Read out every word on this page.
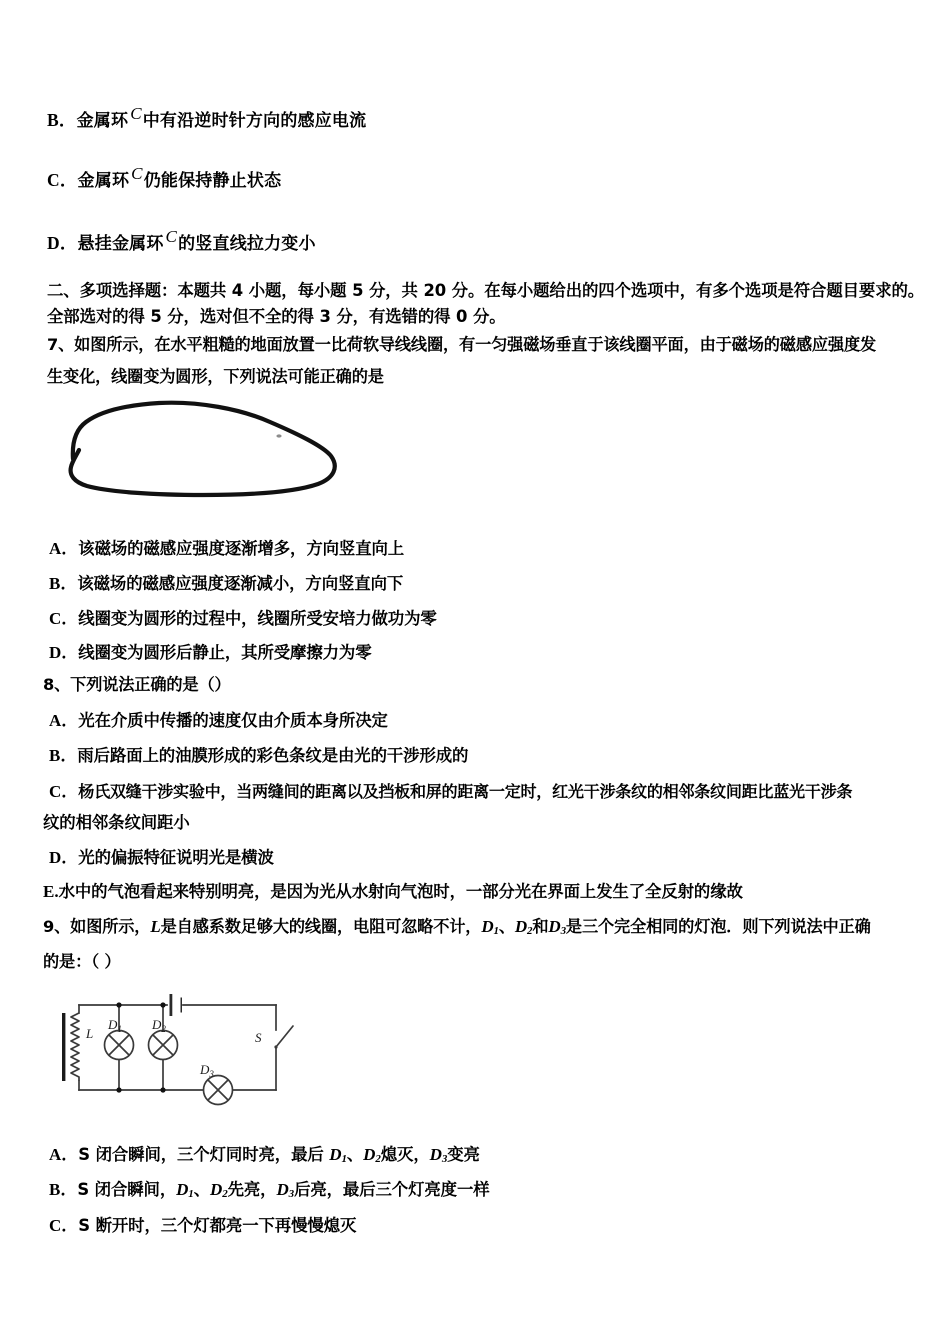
B．金属环 C中有沿逆时针方向的感应电流
C．金属环 C仍能保持静止状态
D．悬挂金属环 C的竖直线拉力变小
二、多项选择题：本题共 4 小题，每小题 5 分，共 20 分。在每小题给出的四个选项中，有多个选项是符合题目要求的。
全部选对的得 5 分，选对但不全的得 3 分，有选错的得 0 分。
7、如图所示，在水平粗糙的地面放置一比荷软导线线圈，有一匀强磁场垂直于该线圈平面，由于磁场的磁感应强度发
生变化，线圈变为圆形，下列说法可能正确的是
A．该磁场的磁感应强度逐渐增多，方向竖直向上
B．该磁场的磁感应强度逐渐减小，方向竖直向下
C．线圈变为圆形的过程中，线圈所受安培力做功为零
D．线圈变为圆形后静止，其所受摩擦力为零
8、下列说法正确的是（）
A．光在介质中传播的速度仅由介质本身所决定
B．雨后路面上的油膜形成的彩色条纹是由光的干涉形成的
C．杨氏双缝干涉实验中，当两缝间的距离以及挡板和屏的距离一定时，红光干涉条纹的相邻条纹间距比蓝光干涉条
纹的相邻条纹间距小
D．光的偏振特征说明光是横波
E.水中的气泡看起来特别明亮，是因为光从水射向气泡时，一部分光在界面上发生了全反射的缘故
9、如图所示，L是自感系数足够大的线圈，电阻可忽略不计，$D_1$、$D_2$和$D_3$是三个完全相同的灯泡．则下列说法中正确
的是：（ ）
L
$D_1$ $D_2$
$D_3$
S
A．S 闭合瞬间，三个灯同时亮，最后 $D_1$、$D_2$熄灭，$D_3$变亮
B．S 闭合瞬间，$D_1$、$D_2$先亮，$D_3$后亮，最后三个灯亮度一样
C．S 断开时，三个灯都亮一下再慢慢熄灭
